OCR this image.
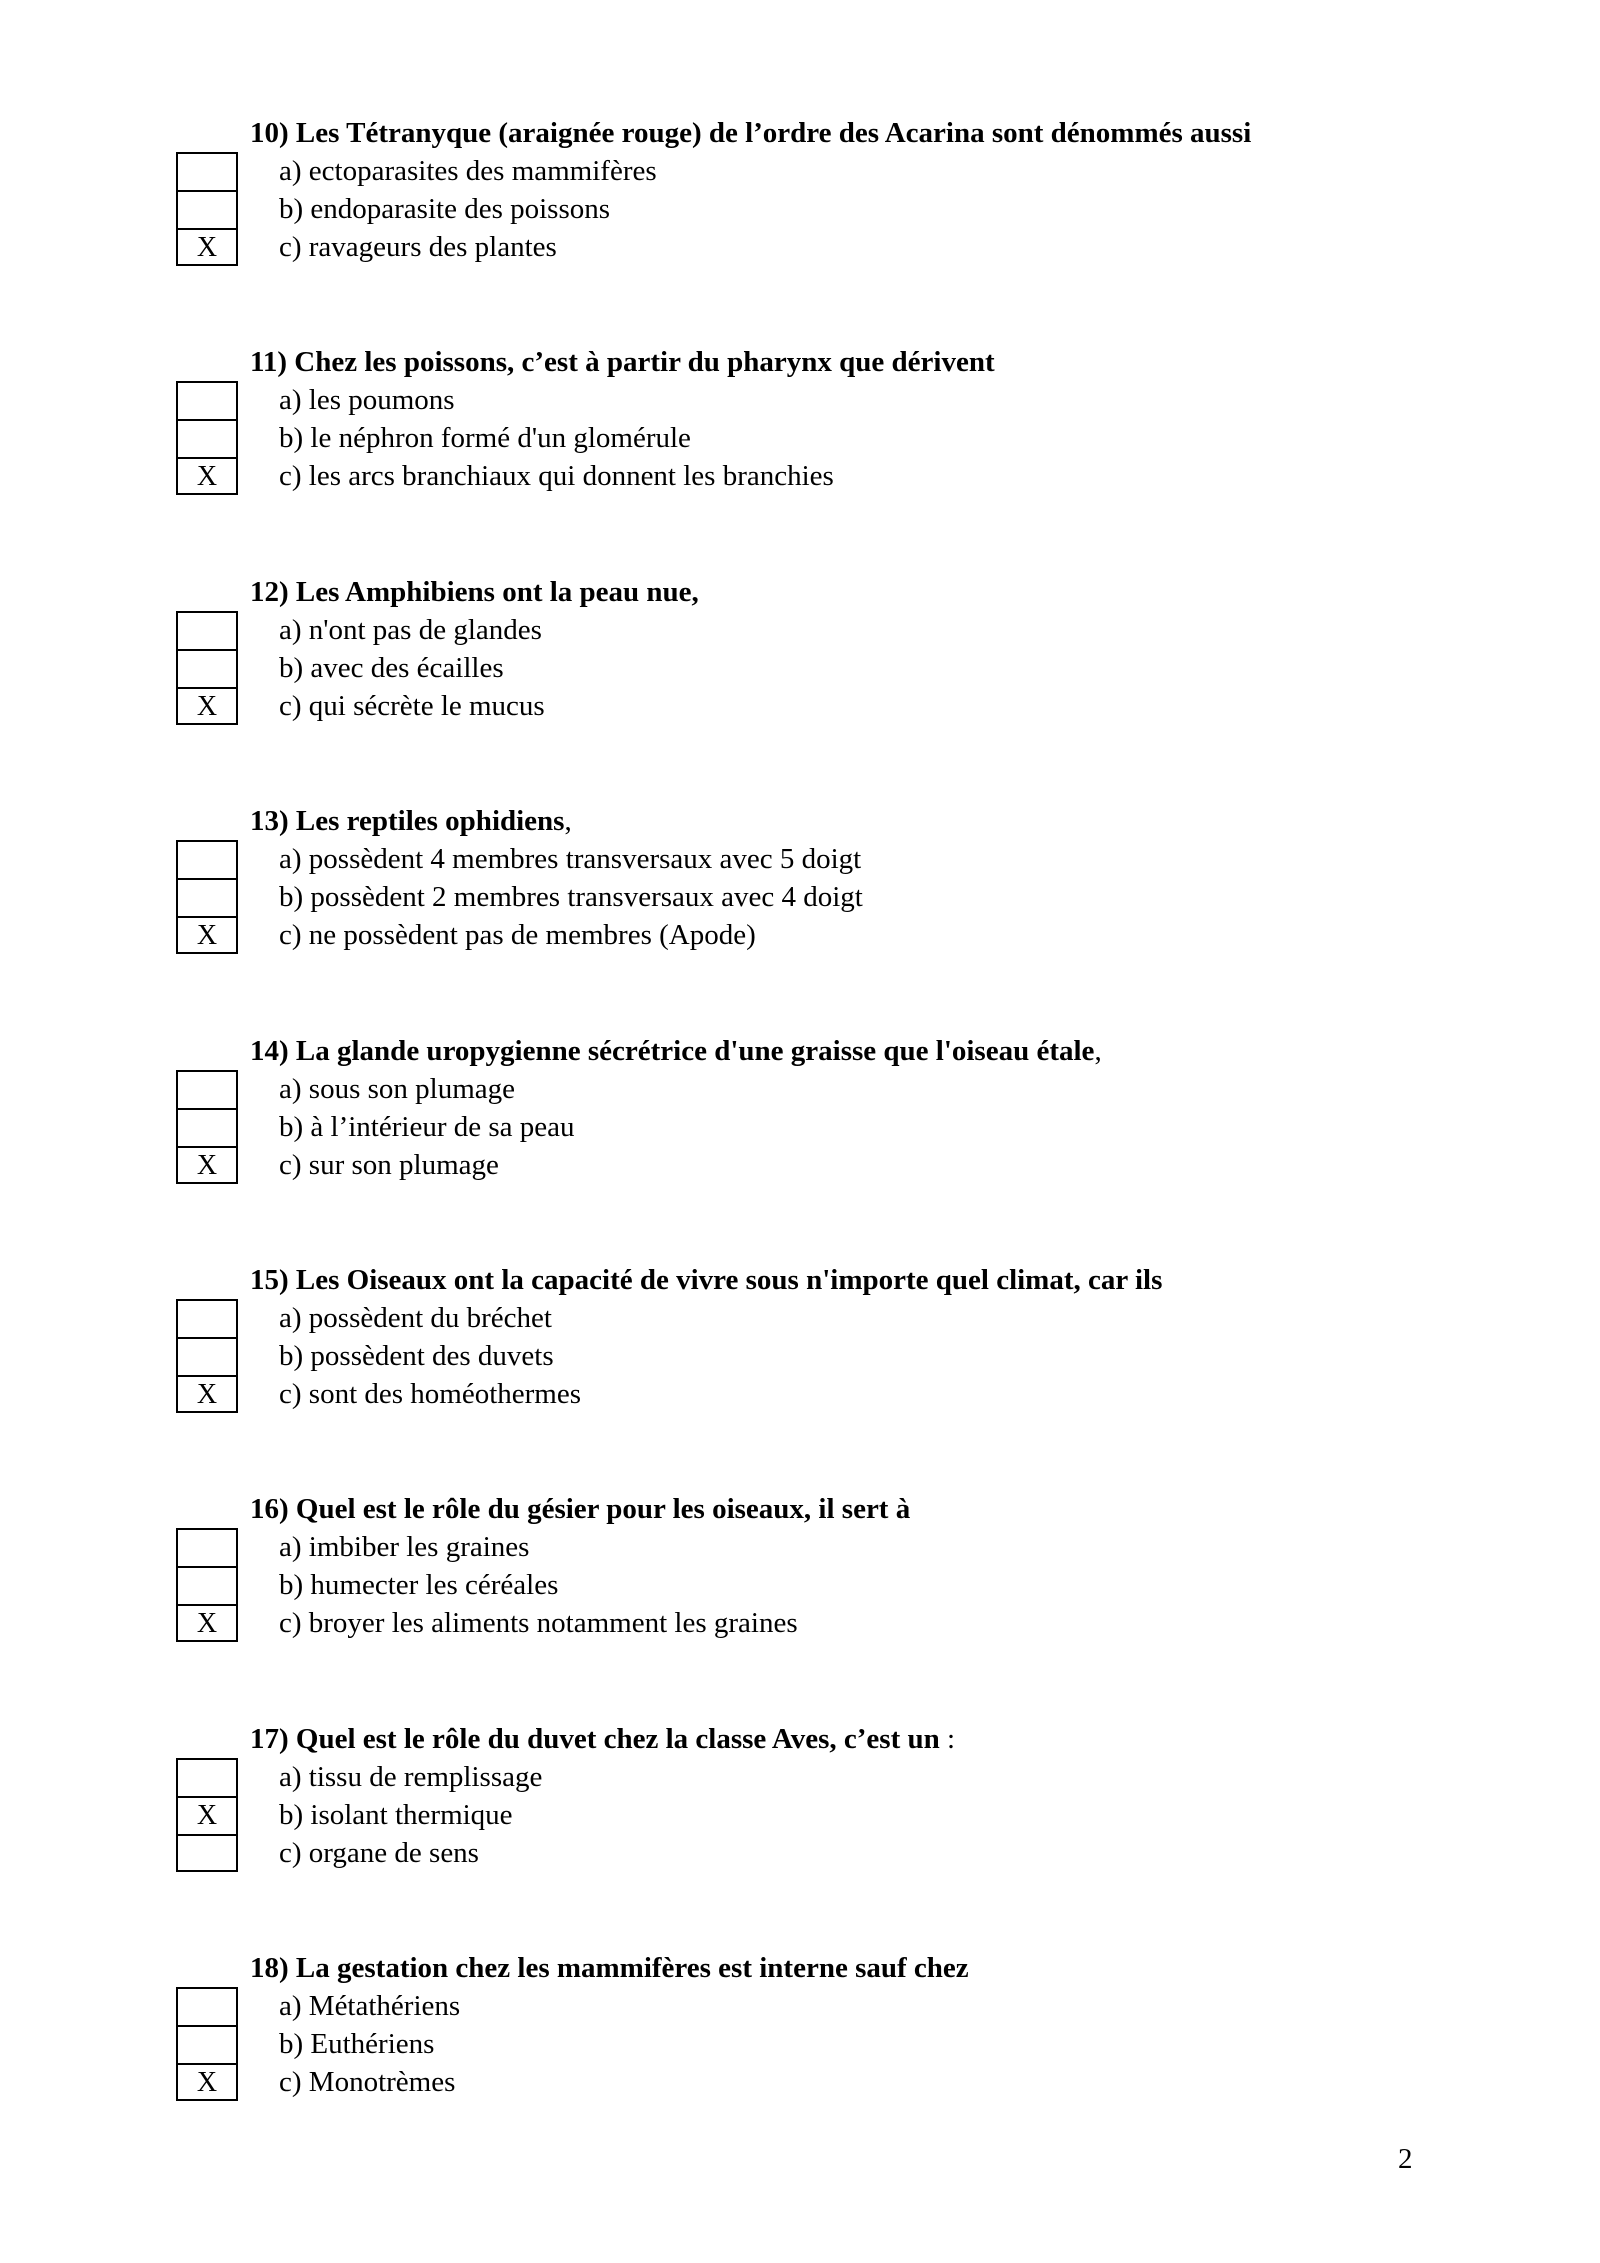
10) Les Tétranyque (araignée rouge) de l’ordre des Acarina sont dénommés aussi
a) ectoparasites des mammifères
b) endoparasite des poissons
X	c) ravageurs des plantes
11) Chez les poissons, c’est à partir du pharynx que dérivent
a) les poumons
b) le néphron formé d'un glomérule
X	c) les arcs branchiaux qui donnent les branchies
12) Les Amphibiens ont la peau nue,
a) n'ont pas de glandes
b) avec des écailles
X	c) qui sécrète le mucus
13) Les reptiles ophidiens,
a) possèdent 4 membres transversaux avec 5 doigt
b) possèdent 2 membres transversaux avec 4 doigt
X	c) ne possèdent pas de membres (Apode)
14) La glande uropygienne sécrétrice d'une graisse que l'oiseau étale,
a) sous son plumage
b) à l’intérieur de sa peau
X	c) sur son plumage
15) Les Oiseaux ont la capacité de vivre sous n'importe quel climat, car ils
a) possèdent du bréchet
b) possèdent des duvets
X	c) sont des homéothermes
16) Quel est le rôle du gésier pour les oiseaux, il sert à
a) imbiber les graines
b) humecter les céréales
X	c) broyer les aliments notamment les graines
17) Quel est le rôle du duvet chez la classe Aves, c’est un :
a) tissu de remplissage
X	b) isolant thermique
c) organe de sens
18) La gestation chez les mammifères est interne sauf chez
a) Métathériens
b) Euthériens
X	c) Monotrèmes
2
